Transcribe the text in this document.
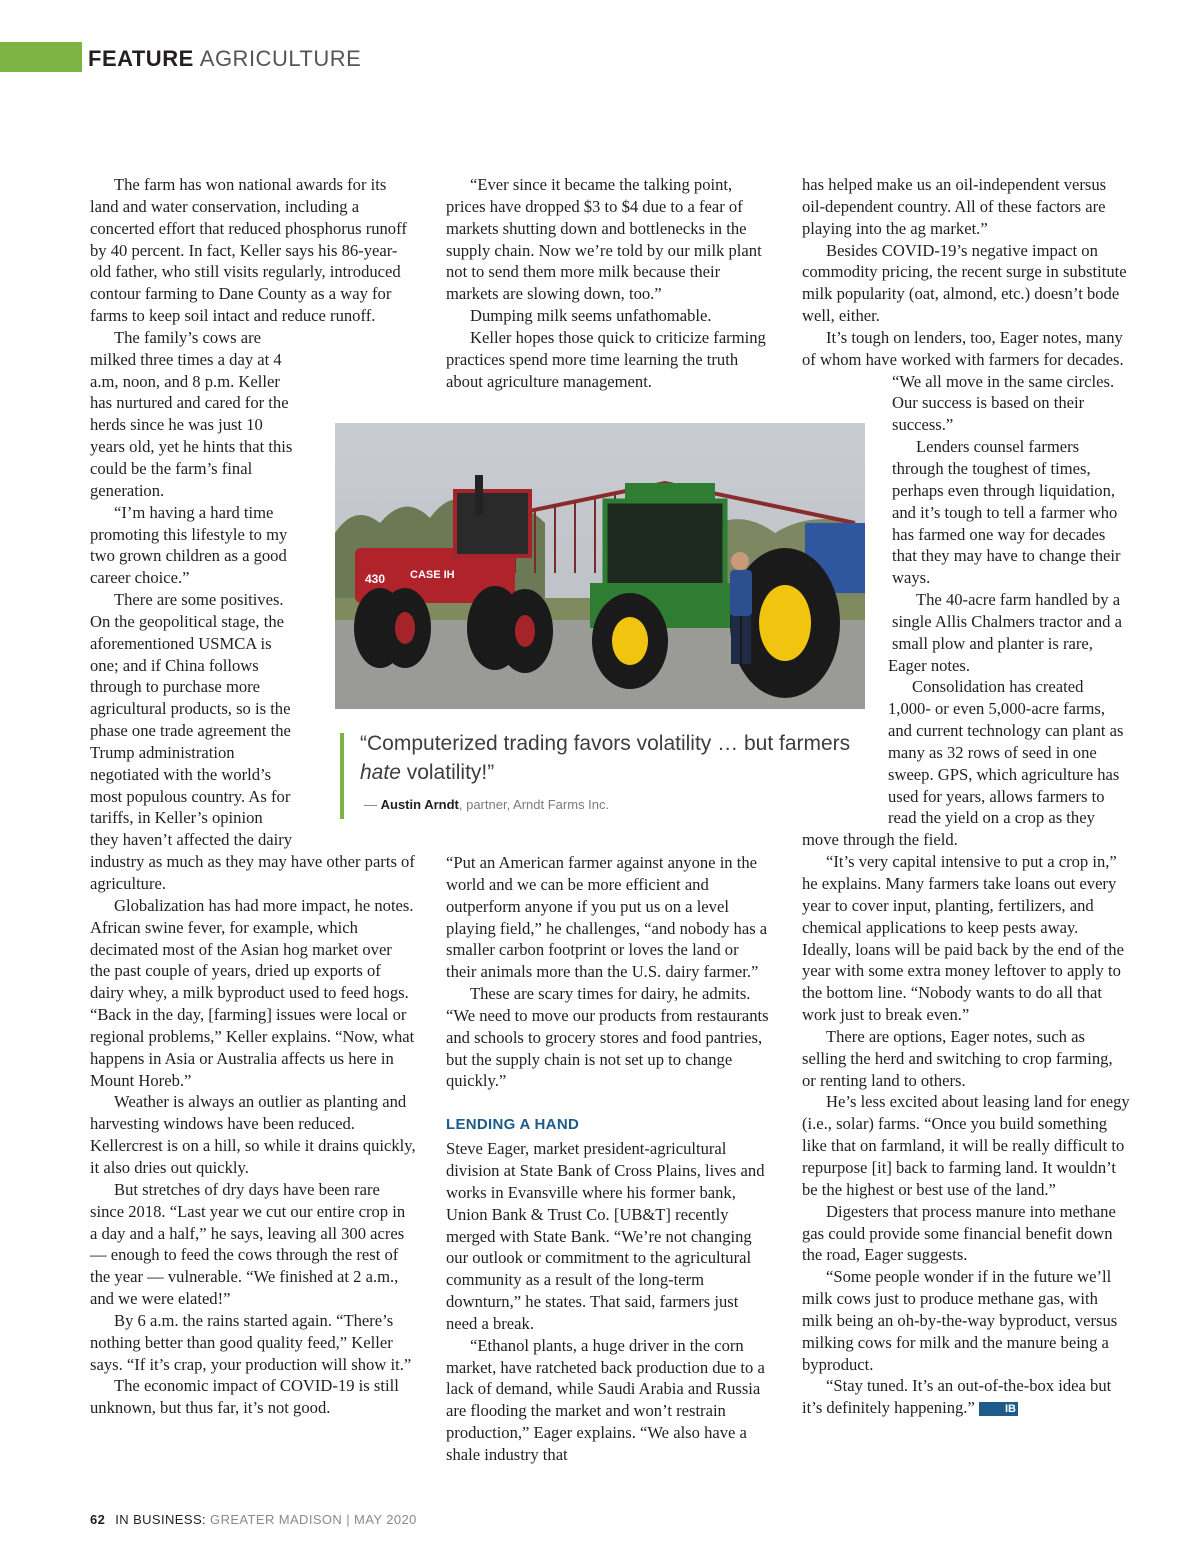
FEATURE AGRICULTURE

The farm has won national awards for its land and water conservation, including a concerted effort that reduced phosphorus runoff by 40 percent. In fact, Keller says his 86-year-old father, who still visits regularly, introduced contour farming to Dane County as a way for farms to keep soil intact and reduce runoff.

The family’s cows are milked three times a day at 4 a.m, noon, and 8 p.m. Keller has nurtured and cared for the herds since he was just 10 years old, yet he hints that this could be the farm’s final generation.

“I’m having a hard time promoting this lifestyle to my two grown children as a good career choice.”

There are some positives. On the geopolitical stage, the aforementioned USMCA is one; and if China follows through to purchase more agricultural products, so is the phase one trade agreement the Trump administration negotiated with the world’s most populous country. As for tariffs, in Keller’s opinion they haven’t affected the dairy industry as much as they may have other parts of agriculture.

Globalization has had more impact, he notes. African swine fever, for example, which decimated most of the Asian hog market over the past couple of years, dried up exports of dairy whey, a milk byproduct used to feed hogs. “Back in the day, [farming] issues were local or regional problems,” Keller explains. “Now, what happens in Asia or Australia affects us here in Mount Horeb.”

Weather is always an outlier as planting and harvesting windows have been reduced. Kellercrest is on a hill, so while it drains quickly, it also dries out quickly.

But stretches of dry days have been rare since 2018. “Last year we cut our entire crop in a day and a half,” he says, leaving all 300 acres — enough to feed the cows through the rest of the year — vulnerable. “We finished at 2 a.m., and we were elated!”

By 6 a.m. the rains started again. “There’s nothing better than good quality feed,” Keller says. “If it’s crap, your production will show it.”

The economic impact of COVID-19 is still unknown, but thus far, it’s not good.

“Ever since it became the talking point, prices have dropped $3 to $4 due to a fear of markets shutting down and bottlenecks in the supply chain. Now we’re told by our milk plant not to send them more milk because their markets are slowing down, too.”

Dumping milk seems unfathomable.

Keller hopes those quick to criticize farming practices spend more time learning the truth about agriculture management.

“Put an American farmer against anyone in the world and we can be more efficient and outperform anyone if you put us on a level playing field,” he challenges, “and nobody has a smaller carbon footprint or loves the land or their animals more than the U.S. dairy farmer.”

These are scary times for dairy, he admits. “We need to move our products from restaurants and schools to grocery stores and food pantries, but the supply chain is not set up to change quickly.”

LENDING A HAND

Steve Eager, market president-agricultural division at State Bank of Cross Plains, lives and works in Evansville where his former bank, Union Bank & Trust Co. [UB&T] recently merged with State Bank. “We’re not changing our outlook or commitment to the agricultural community as a result of the long-term downturn,” he states. That said, farmers just need a break.

“Ethanol plants, a huge driver in the corn market, have ratcheted back production due to a lack of demand, while Saudi Arabia and Russia are flooding the market and won’t restrain production,” Eager explains. “We also have a shale industry that

has helped make us an oil-independent versus oil-dependent country. All of these factors are playing into the ag market.”

Besides COVID-19’s negative impact on commodity pricing, the recent surge in substitute milk popularity (oat, almond, etc.) doesn’t bode well, either.

It’s tough on lenders, too, Eager notes, many of whom have worked with farmers for decades. “We all move in the same circles. Our success is based on their success.”

Lenders counsel farmers through the toughest of times, perhaps even through liquidation, and it’s tough to tell a farmer who has farmed one way for decades that they may have to change their ways.

The 40-acre farm handled by a single Allis Chalmers tractor and a small plow and planter is rare, Eager notes.

Consolidation has created 1,000- or even 5,000-acre farms, and current technology can plant as many as 32 rows of seed in one sweep. GPS, which agriculture has used for years, allows farmers to read the yield on a crop as they move through the field.

“It’s very capital intensive to put a crop in,” he explains. Many farmers take loans out every year to cover input, planting, fertilizers, and chemical applications to keep pests away. Ideally, loans will be paid back by the end of the year with some extra money leftover to apply to the bottom line. “Nobody wants to do all that work just to break even.”

There are options, Eager notes, such as selling the herd and switching to crop farming, or renting land to others.

He’s less excited about leasing land for enegy (i.e., solar) farms. “Once you build something like that on farmland, it will be really difficult to repurpose [it] back to farming land. It wouldn’t be the highest or best use of the land.”

Digesters that process manure into methane gas could provide some financial benefit down the road, Eager suggests.

“Some people wonder if in the future we’ll milk cows just to produce methane gas, with milk being an oh-by-the-way byproduct, versus milking cows for milk and the manure being a byproduct.

“Stay tuned. It’s an out-of-the-box idea but it’s definitely happening.”	IB

CASE IH
430
“Computerized trading favors volatility … but farmers hate volatility!”
— Austin Arndt, partner, Arndt Farms Inc.
62 IN BUSINESS: GREATER MADISON | MAY 2020
